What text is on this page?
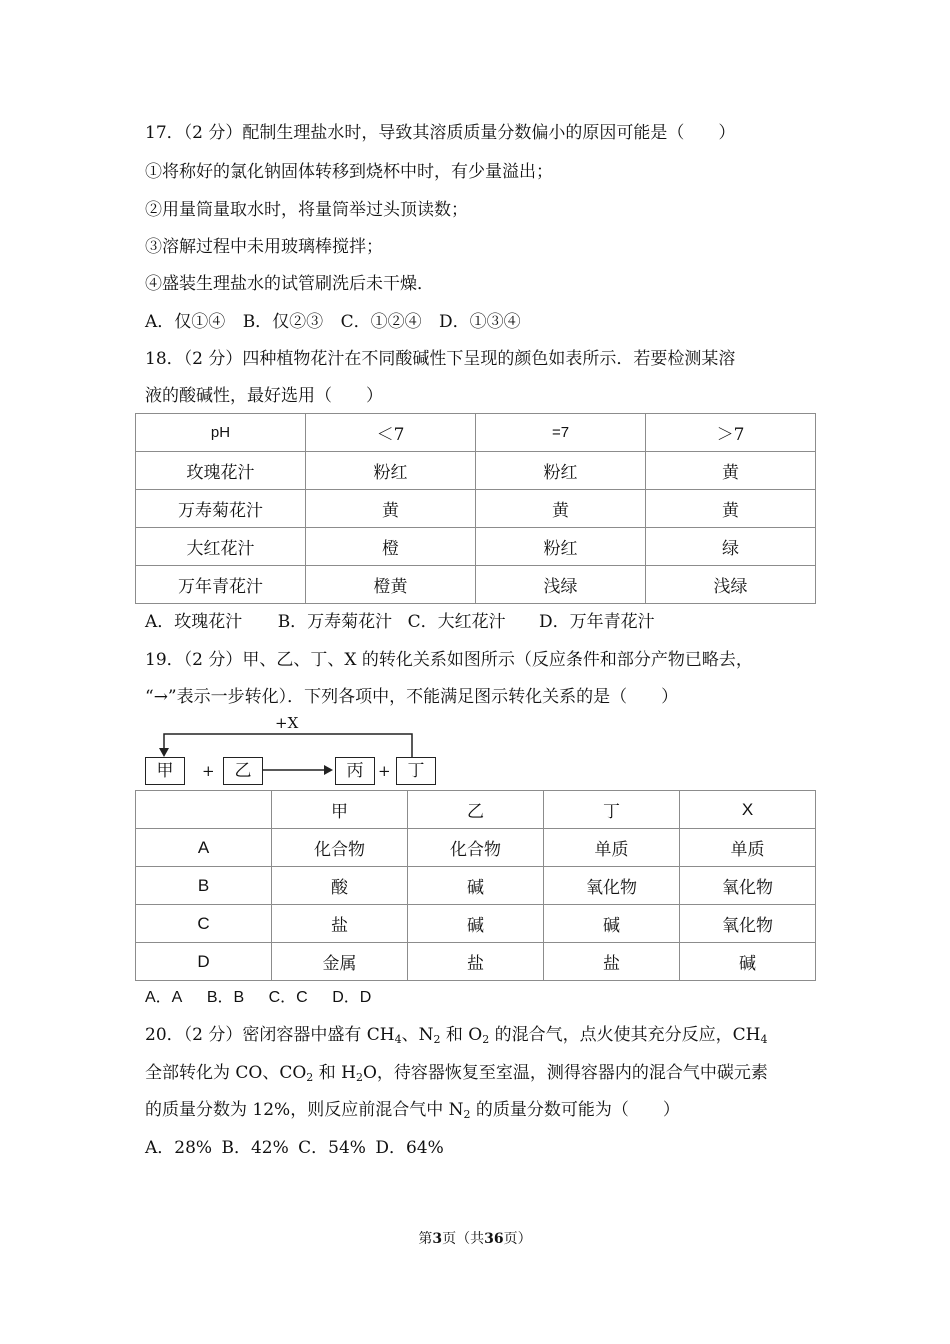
17．（2 分）配制生理盐水时，导致其溶质质量分数偏小的原因可能是（　　）
①将称好的氯化钠固体转移到烧杯中时，有少量溢出；
②用量筒量取水时，将量筒举过头顶读数；
③溶解过程中未用玻璃棒搅拌；
④盛装生理盐水的试管刷洗后未干燥．
A．仅①④ B．仅②③ C．①②④ D．①③④
18．（2 分）四种植物花汁在不同酸碱性下呈现的颜色如表所示．若要检测某溶
液的酸碱性，最好选用（　　）
pH	＜7	=7	＞7
玫瑰花汁	粉红	粉红	黄
万寿菊花汁	黄	黄	黄
大红花汁	橙	粉红	绿
万年青花汁	橙黄	浅绿	浅绿
A．玫瑰花汁 B．万寿菊花汁 C．大红花汁 D．万年青花汁
19．（2 分）甲、乙、丁、X 的转化关系如图所示（反应条件和部分产物已略去，
“→”表示一步转化）．下列各项中，不能满足图示转化关系的是（　　）
+X
甲	+	乙	丙 + 丁
	甲	乙	丁	X
A	化合物	化合物	单质	单质
B	酸	碱	氧化物	氧化物
C	盐	碱	碱	氧化物
D	金属	盐	盐	碱
A．A B．B C．C D．D
20．（2 分）密闭容器中盛有 $CH_4$、$N_2$ 和 $O_2$ 的混合气，点火使其充分反应，$CH_4$
全部转化为 CO、$CO_2$ 和 $H_2O$，待容器恢复至室温，测得容器内的混合气中碳元素
的质量分数为 12%，则反应前混合气中 $N_2$ 的质量分数可能为（　　）
A．28% B．42% C．54% D．64%
第3页（共36页）
